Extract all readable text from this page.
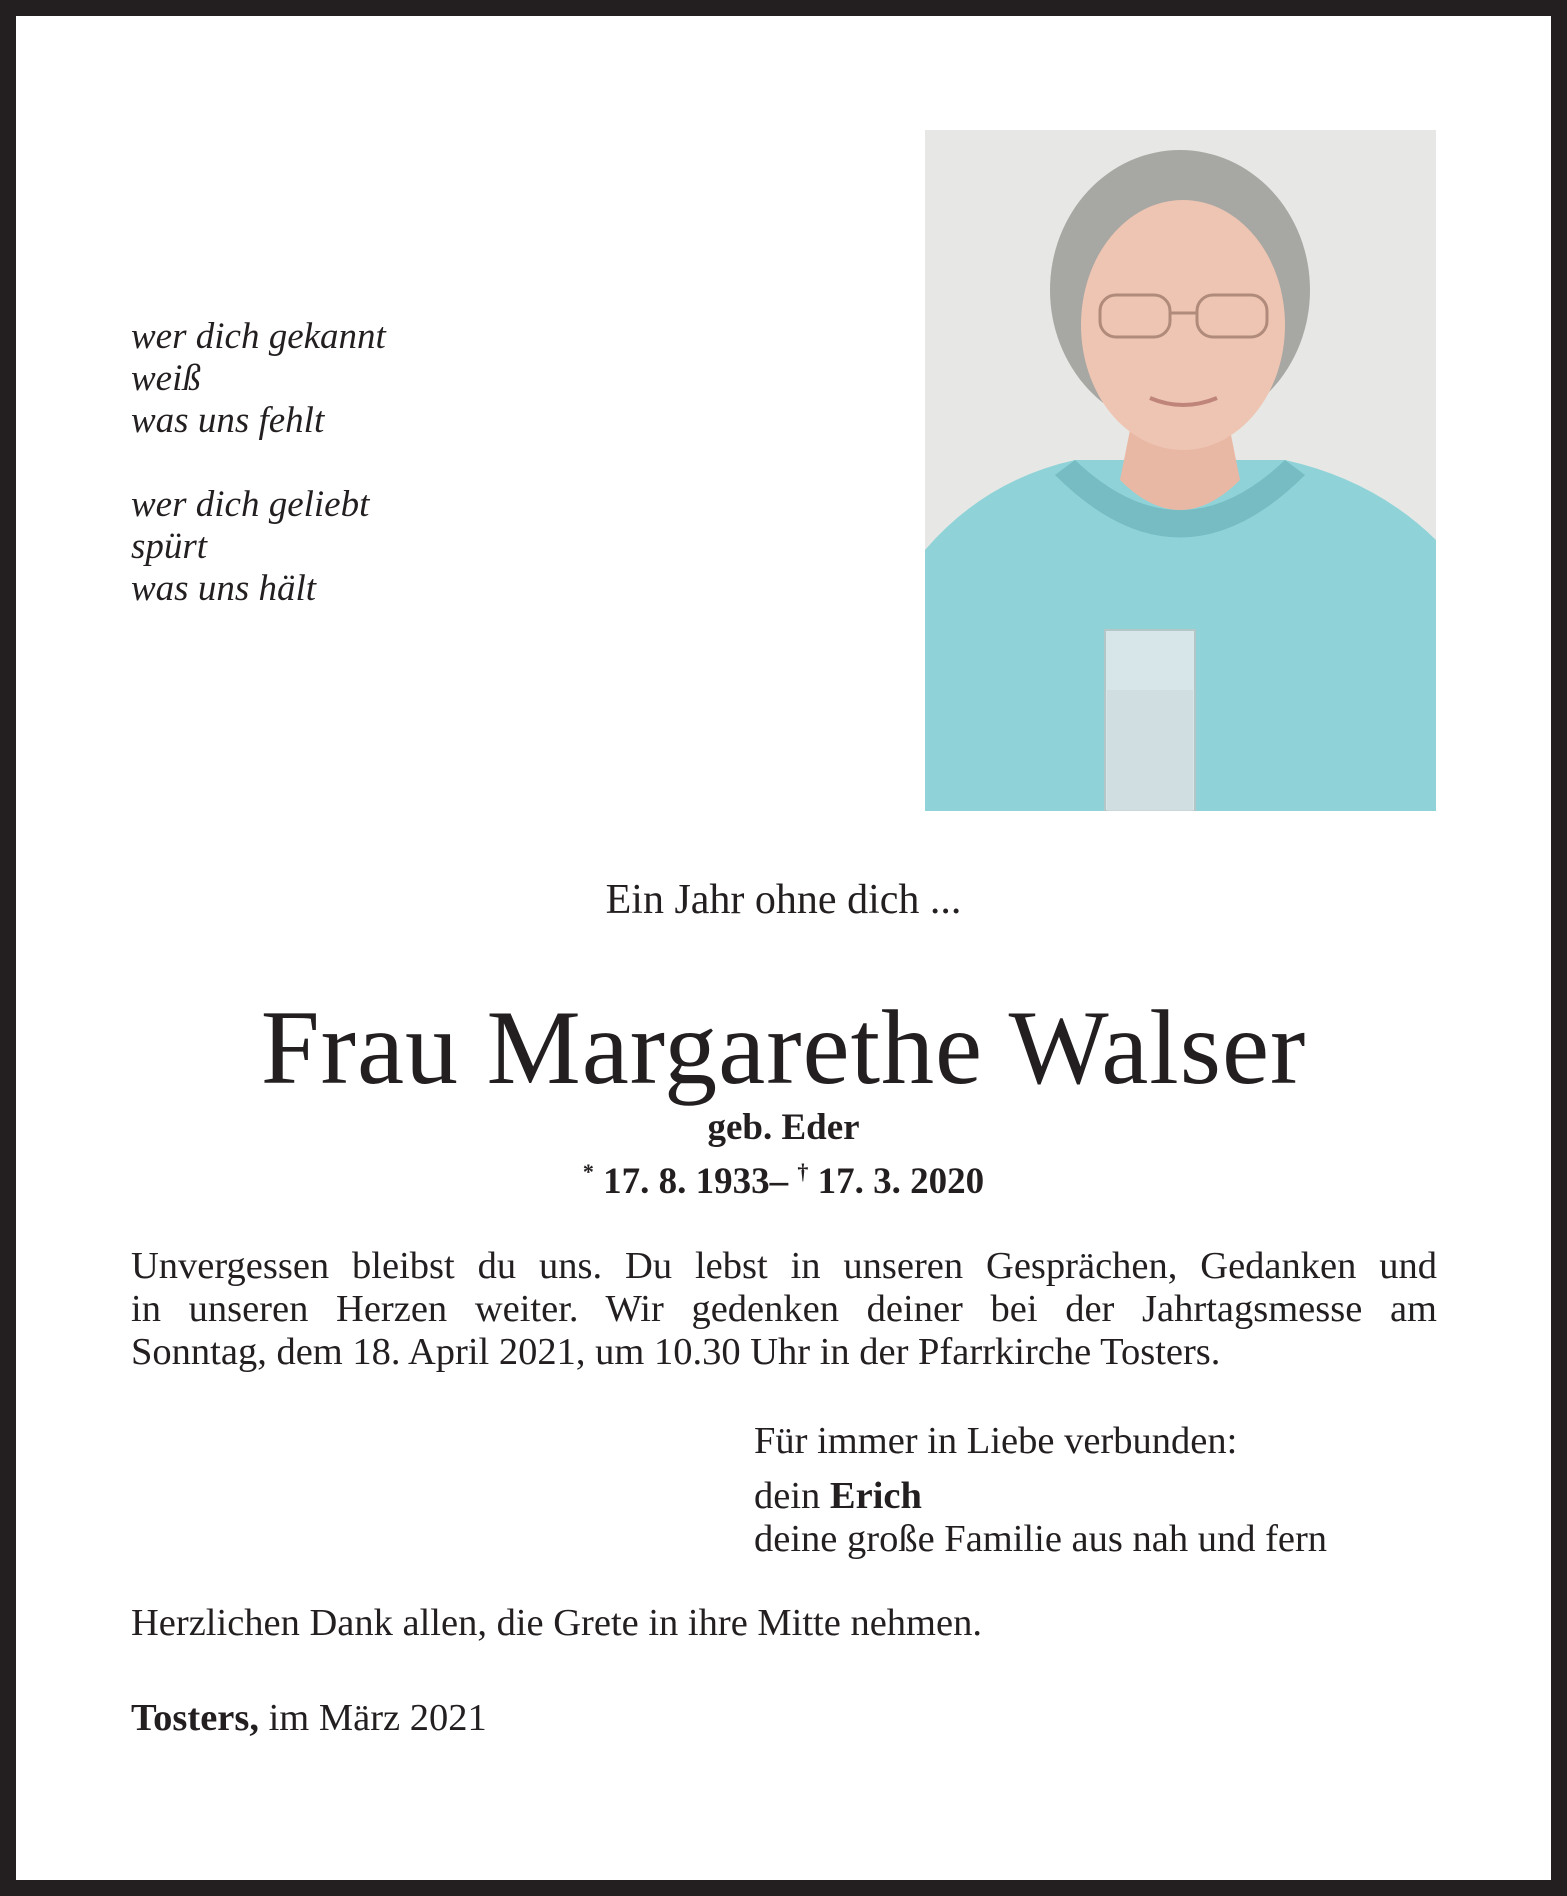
wer dich gekannt
weiß
was uns fehlt
wer dich geliebt
spürt
was uns hält
Ein Jahr ohne dich ...
Frau Margarethe Walser
geb. Eder
* 17. 8. 1933– † 17. 3. 2020
Unvergessen bleibst du uns. Du lebst in unseren Gesprächen, Gedanken und
in unseren Herzen weiter. Wir gedenken deiner bei der Jahrtagsmesse am
Sonntag, dem 18. April 2021, um 10.30 Uhr in der Pfarrkirche Tosters.
Für immer in Liebe verbunden:
dein Erich
deine große Familie aus nah und fern
Herzlichen Dank allen, die Grete in ihre Mitte nehmen.
Tosters, im März 2021
